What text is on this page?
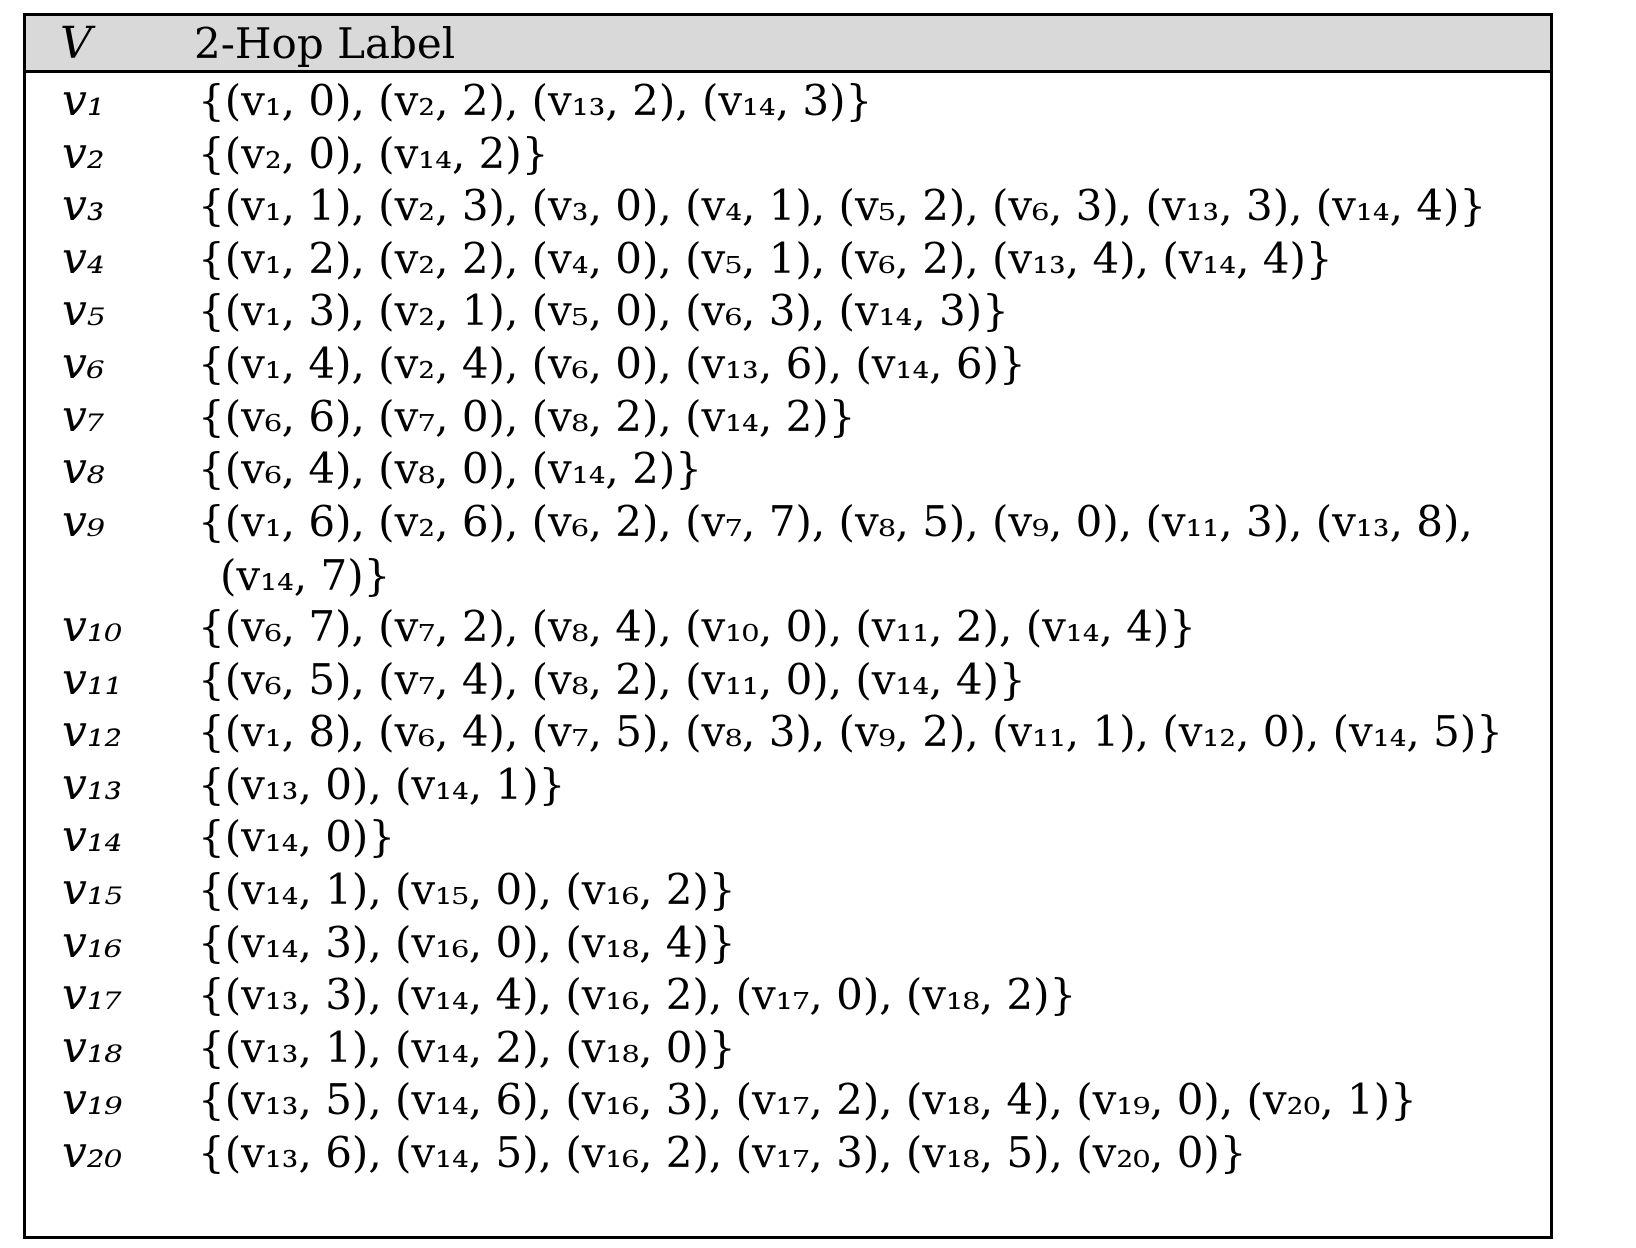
V 2-Hop Label
v₁ {(v₁, 0), (v₂, 2), (v₁₃, 2), (v₁₄, 3)}
v₂ {(v₂, 0), (v₁₄, 2)}
v₃ {(v₁, 1), (v₂, 3), (v₃, 0), (v₄, 1), (v₅, 2), (v₆, 3), (v₁₃, 3), (v₁₄, 4)}
v₄ {(v₁, 2), (v₂, 2), (v₄, 0), (v₅, 1), (v₆, 2), (v₁₃, 4), (v₁₄, 4)}
v₅ {(v₁, 3), (v₂, 1), (v₅, 0), (v₆, 3), (v₁₄, 3)}
v₆ {(v₁, 4), (v₂, 4), (v₆, 0), (v₁₃, 6), (v₁₄, 6)}
v₇ {(v₆, 6), (v₇, 0), (v₈, 2), (v₁₄, 2)}
v₈ {(v₆, 4), (v₈, 0), (v₁₄, 2)}
v₉ {(v₁, 6), (v₂, 6), (v₆, 2), (v₇, 7), (v₈, 5), (v₉, 0), (v₁₁, 3), (v₁₃, 8),
(v₁₄, 7)}
v₁₀ {(v₆, 7), (v₇, 2), (v₈, 4), (v₁₀, 0), (v₁₁, 2), (v₁₄, 4)}
v₁₁ {(v₆, 5), (v₇, 4), (v₈, 2), (v₁₁, 0), (v₁₄, 4)}
v₁₂ {(v₁, 8), (v₆, 4), (v₇, 5), (v₈, 3), (v₉, 2), (v₁₁, 1), (v₁₂, 0), (v₁₄, 5)}
v₁₃ {(v₁₃, 0), (v₁₄, 1)}
v₁₄ {(v₁₄, 0)}
v₁₅ {(v₁₄, 1), (v₁₅, 0), (v₁₆, 2)}
v₁₆ {(v₁₄, 3), (v₁₆, 0), (v₁₈, 4)}
v₁₇ {(v₁₃, 3), (v₁₄, 4), (v₁₆, 2), (v₁₇, 0), (v₁₈, 2)}
v₁₈ {(v₁₃, 1), (v₁₄, 2), (v₁₈, 0)}
v₁₉ {(v₁₃, 5), (v₁₄, 6), (v₁₆, 3), (v₁₇, 2), (v₁₈, 4), (v₁₉, 0), (v₂₀, 1)}
v₂₀ {(v₁₃, 6), (v₁₄, 5), (v₁₆, 2), (v₁₇, 3), (v₁₈, 5), (v₂₀, 0)}
